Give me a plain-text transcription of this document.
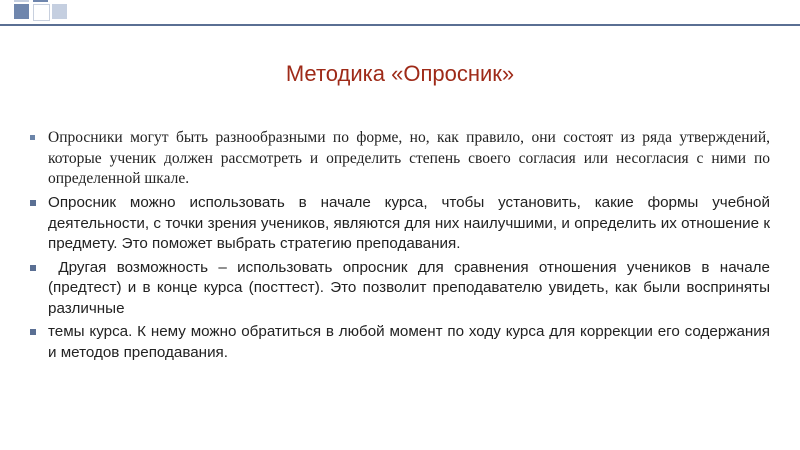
Методика «Опросник»

Опросники могут быть разнообразными по форме, но, как правило, они состоят из ряда утверждений, которые ученик должен рассмотреть и определить степень своего согласия или несогласия с ними по определенной шкале.

Опросник можно использовать в начале курса, чтобы установить, какие формы учебной деятельности, с точки зрения учеников, являются для них наилучшими, и определить их отношение к предмету. Это поможет выбрать стратегию преподавания.

Другая возможность – использовать опросник для сравнения отношения учеников в начале (предтест) и в конце курса (посттест). Это позволит преподавателю увидеть, как были восприняты различные

темы курса. К нему можно обратиться в любой момент по ходу курса для коррекции его содержания и методов преподавания.
